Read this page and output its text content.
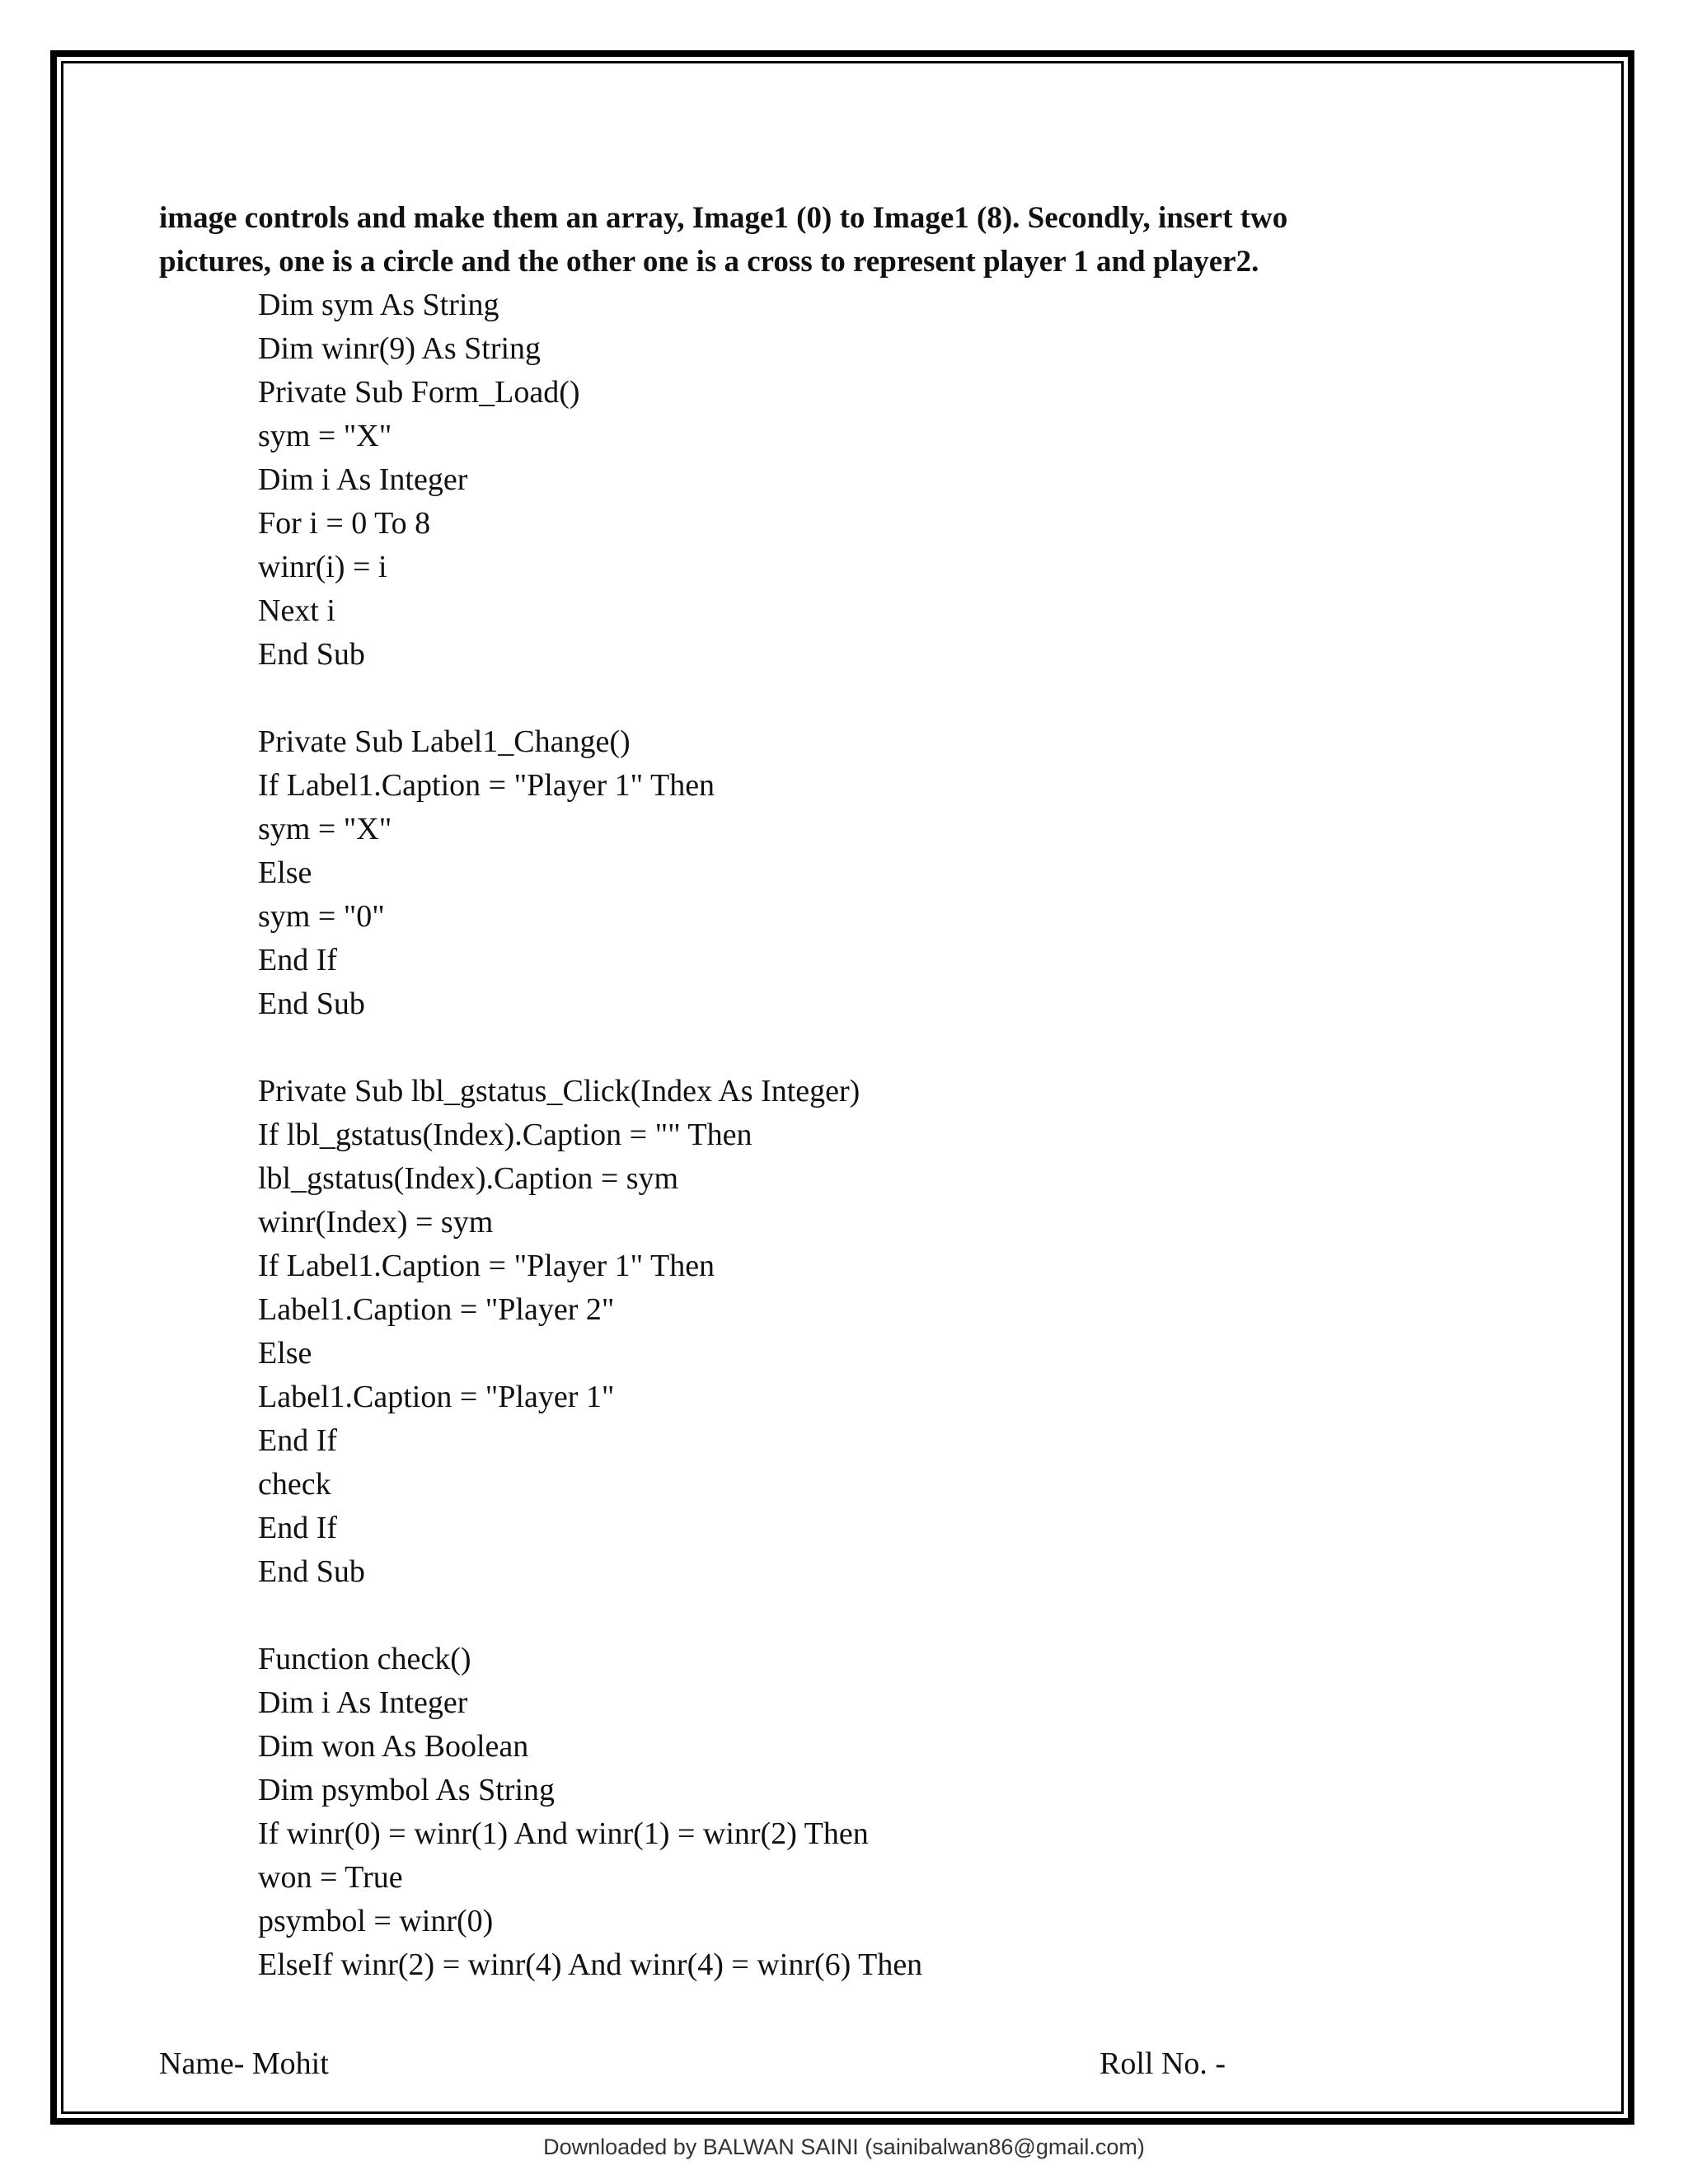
image controls and make them an array, Image1 (0) to Image1 (8). Secondly, insert two

pictures, one is a circle and the other one is a cross to represent player 1 and player2.

Dim sym As String
Dim winr(9) As String
Private Sub Form_Load()
sym = "X"
Dim i As Integer
For i = 0 To 8
winr(i) = i
Next i
End Sub
Private Sub Label1_Change()
If Label1.Caption = "Player 1" Then
sym = "X"
Else
sym = "0"
End If
End Sub
Private Sub lbl_gstatus_Click(Index As Integer)
If lbl_gstatus(Index).Caption = "" Then
lbl_gstatus(Index).Caption = sym
winr(Index) = sym
If Label1.Caption = "Player 1" Then
Label1.Caption = "Player 2"
Else
Label1.Caption = "Player 1"
End If
check
End If
End Sub
Function check()
Dim i As Integer
Dim won As Boolean
Dim psymbol As String
If winr(0) = winr(1) And winr(1) = winr(2) Then
won = True
psymbol = winr(0)
ElseIf winr(2) = winr(4) And winr(4) = winr(6) Then
Name- Mohit	Roll No. -
Downloaded by BALWAN SAINI (sainibalwan86@gmail.com)
